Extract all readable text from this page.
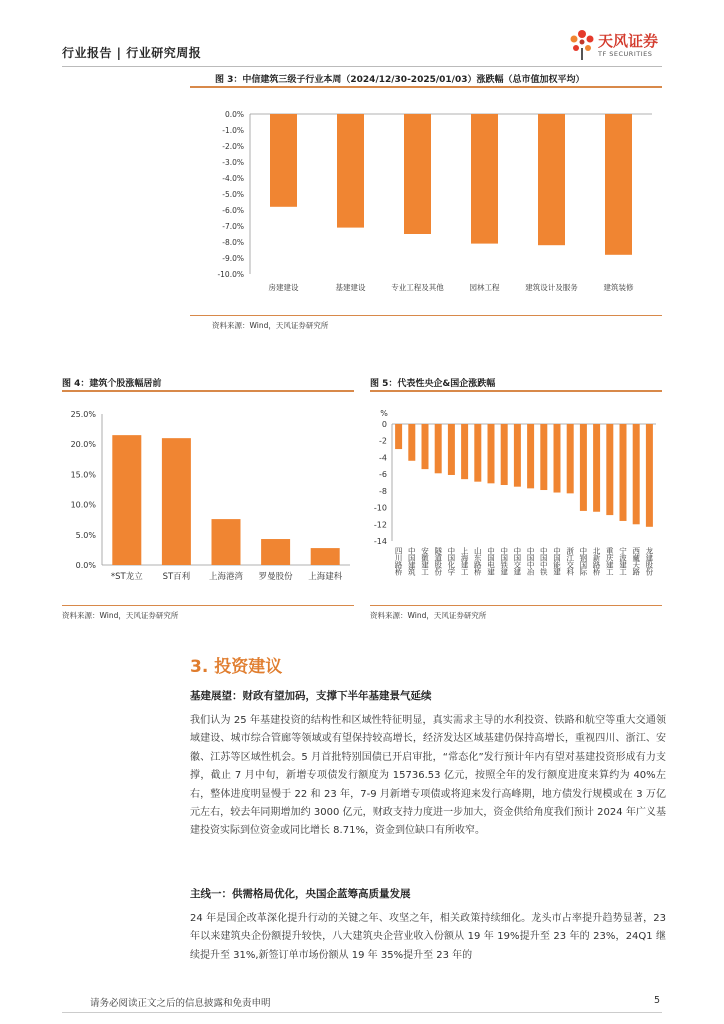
行业报告 | 行业研究周报
天风证券
TF SECURITIES
图 3：中信建筑三级子行业本周（2024/12/30-2025/01/03）涨跌幅（总市值加权平均）
0.0%
-1.0%
-2.0%
-3.0%
-4.0%
-5.0%
-6.0%
-7.0%
-8.0%
-9.0%
-10.0%
房建建设	基建建设	专业工程及其他	园林工程	建筑设计及服务	建筑装修
资料来源：Wind，天风证券研究所
图 4：建筑个股涨幅居前
25.0%
20.0%
15.0%
10.0%
5.0%
0.0%
*ST龙立 ST百利 上海港湾 罗曼股份 上海建科
资料来源：Wind，天风证券研究所
图 5：代表性央企&国企涨跌幅
%
0
-2
-4
-6
-8
-10
-12
-14
四川路桥 中国建筑 安徽建工 隧道股份 中国化学 上海建工 山东路桥 中国电建 中国铁建 中国交建 中国中冶 中国中铁 中国能建 浙江交科 中钢国际 北新路桥 重庆建工 宁波建工 西藏天路 龙建股份
资料来源：Wind，天风证券研究所
3. 投资建议
基建展望：财政有望加码，支撑下半年基建景气延续
我们认为 25 年基建投资的结构性和区域性特征明显，真实需求主导的水利投资、铁路和航空等重大交通领域建设、城市综合管廊等领域或有望保持较高增长，经济发达区域基建仍保持高增长，重视四川、浙江、安徽、江苏等区域性机会。5 月首批特别国债已开启审批，“常态化”发行预计年内有望对基建投资形成有力支撑，截止 7 月中旬，新增专项债发行额度为 15736.53 亿元，按照全年的发行额度进度来算约为 40%左右，整体进度明显慢于 22 和 23 年，7-9 月新增专项债或将迎来发行高峰期，地方债发行规模或在 3 万亿元左右，较去年同期增加约 3000 亿元，财政支持力度进一步加大，资金供给角度我们预计 2024 年广义基建投资实际到位资金或同比增长 8.71%，资金到位缺口有所收窄。
主线一：供需格局优化，央国企蓝筹高质量发展
24 年是国企改革深化提升行动的关键之年、攻坚之年，相关政策持续细化。龙头市占率提升趋势显著，23 年以来建筑央企份额提升较快，八大建筑央企营业收入份额从 19 年 19%提升至 23 年的 23%，24Q1 继续提升至 31%,新签订单市场份额从 19 年 35%提升至 23 年的
请务必阅读正文之后的信息披露和免责申明	5
